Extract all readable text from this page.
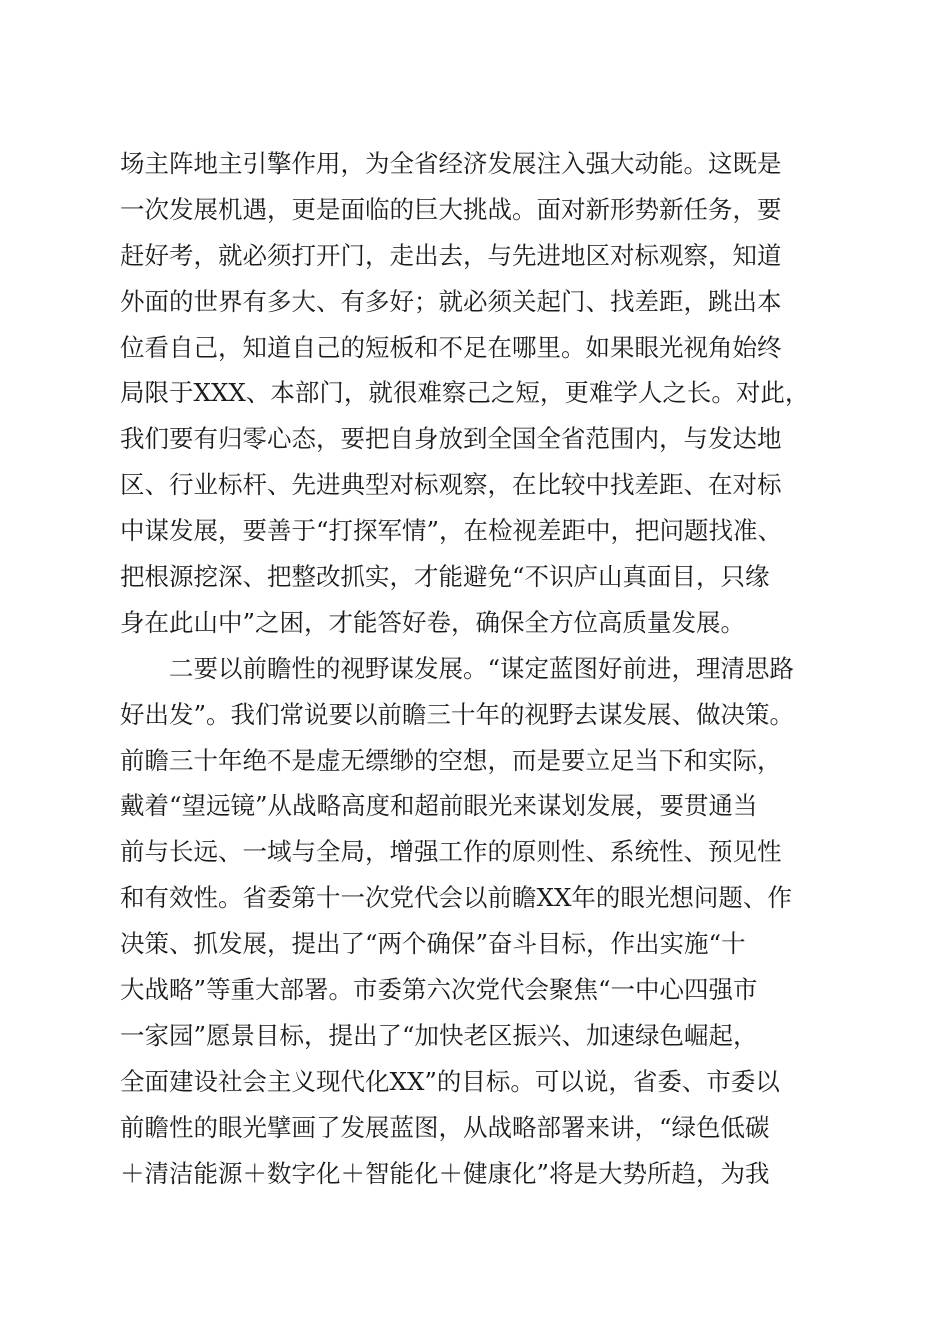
场主阵地主引擎作用，为全省经济发展注入强大动能。这既是
一次发展机遇，更是面临的巨大挑战。面对新形势新任务，要
赶好考，就必须打开门，走出去，与先进地区对标观察，知道
外面的世界有多大、有多好；就必须关起门、找差距，跳出本
位看自己，知道自己的短板和不足在哪里。如果眼光视角始终
局限于XXX、本部门，就很难察己之短，更难学人之长。对此，
我们要有归零心态，要把自身放到全国全省范围内，与发达地
区、行业标杆、先进典型对标观察，在比较中找差距、在对标
中谋发展，要善于“打探军情”，在检视差距中，把问题找准、
把根源挖深、把整改抓实，才能避免“不识庐山真面目，只缘
身在此山中”之困，才能答好卷，确保全方位高质量发展。
　　二要以前瞻性的视野谋发展。“谋定蓝图好前进，理清思路
好出发”。我们常说要以前瞻三十年的视野去谋发展、做决策。
前瞻三十年绝不是虚无缥缈的空想，而是要立足当下和实际，
戴着“望远镜”从战略高度和超前眼光来谋划发展，要贯通当
前与长远、一域与全局，增强工作的原则性、系统性、预见性
和有效性。省委第十一次党代会以前瞻XX年的眼光想问题、作
决策、抓发展，提出了“两个确保”奋斗目标，作出实施“十
大战略”等重大部署。市委第六次党代会聚焦“一中心四强市
一家园”愿景目标，提出了“加快老区振兴、加速绿色崛起，
全面建设社会主义现代化XX”的目标。可以说，省委、市委以
前瞻性的眼光擘画了发展蓝图，从战略部署来讲，“绿色低碳
＋清洁能源＋数字化＋智能化＋健康化”将是大势所趋，为我
